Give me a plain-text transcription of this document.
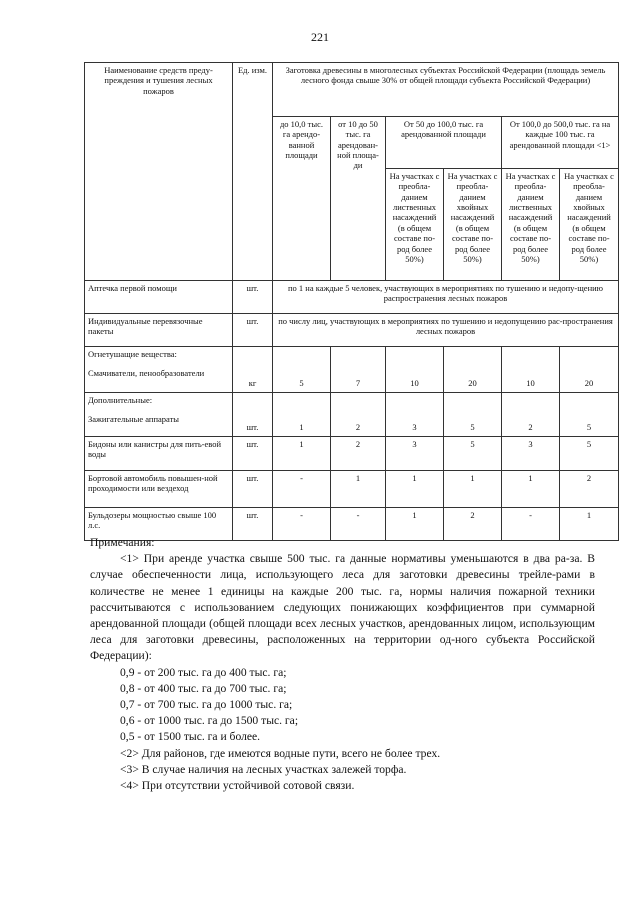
221
Наименование средств преду-преждения и тушения лесных пожаров	Ед. изм.	Заготовка древесины в многолесных субъектах Российской Федерации (площадь земель лесного фонда свыше 30% от общей площади субъекта Российской Федерации)					
		до 10,0 тыс. га арендо-ванной площади	от 10 до 50 тыс. га арендован-ной площа-ди	От 50 до 100,0 тыс. га арендованной площади		От 100,0 до 500,0 тыс. га на каждые 100 тыс. га арендованной площади <1>	
				На участках с преобла-данием лиственных насаждений (в общем составе по-род более 50%)	На участках с преобла-данием хвойных насаждений (в общем составе по-род более 50%)	На участках с преобла-данием лиственных насаждений (в общем составе по-род более 50%)	На участках с преобла-данием хвойных насаждений (в общем составе по-род более 50%)
Аптечка первой помощи	шт.	по 1 на каждые 5 человек, участвующих в мероприятиях по тушению и недопу-щению распространения лесных пожаров					
Индивидуальные перевязочные пакеты	шт.	по числу лиц, участвующих в мероприятиях по тушению и недопущению рас-пространения лесных пожаров					

Огнетушащие вещества:
Смачиватели, пенообразователи	кг	5	7	10	20	10	20

Дополнительные:
Зажигательные аппараты	шт.	1	2	3	5	2	5
Бидоны или канистры для пить-евой воды	шт.	1	2	3	5	3	5
Бортовой автомобиль повышен-ной проходимости или вездеход	шт.	-	1	1	1	1	2
Бульдозеры мощностью свыше 100 л.с.	шт.	-	-	1	2	-	1

Примечания:

<1> При аренде участка свыше 500 тыс. га данные нормативы уменьшаются в два ра-за. В случае обеспеченности лица, использующего леса для заготовки древесины трейле-рами в количестве не менее 1 единицы на каждые 200 тыс. га, нормы наличия пожарной техники рассчитываются с использованием следующих понижающих коэффициентов при суммарной арендованной площади (общей площади всех лесных участков, арендованных лицом, использующим леса для заготовки древесины, расположенных на территории од-ного субъекта Российской Федерации):

0,9 - от 200 тыс. га до 400 тыс. га;

0,8 - от 400 тыс. га до 700 тыс. га;

0,7 - от 700 тыс. га до 1000 тыс. га;

0,6 - от 1000 тыс. га до 1500 тыс. га;

0,5 - от 1500 тыс. га и более.

<2> Для районов, где имеются водные пути, всего не более трех.

<3> В случае наличия на лесных участках залежей торфа.

<4> При отсутствии устойчивой сотовой связи.
